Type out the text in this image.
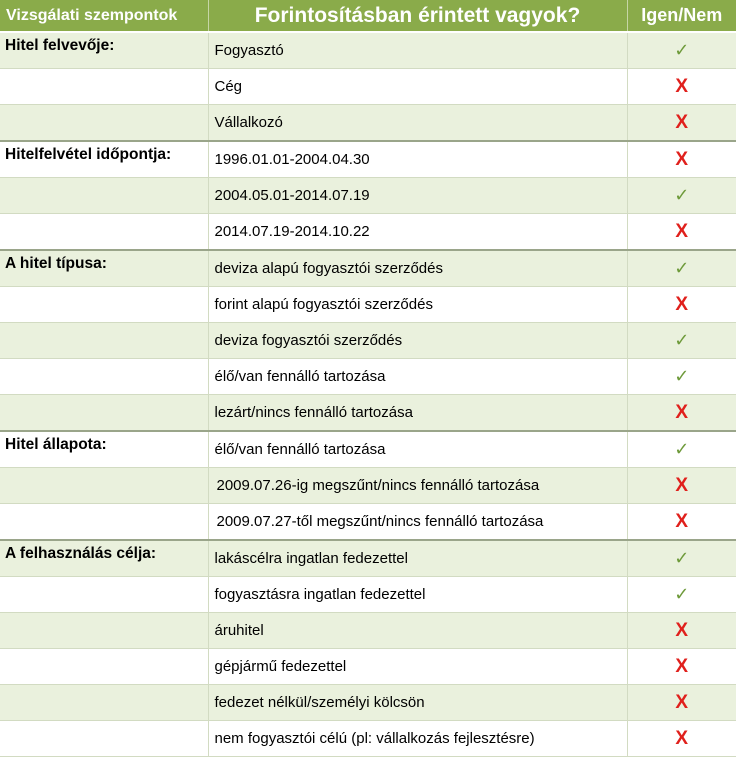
Vizsgálati szempontok	Forintosításban érintett vagyok?	Igen/Nem
Hitel felvevője:	Fogyasztó	✓
	Cég	X
	Vállalkozó	X
Hitelfelvétel időpontja:	1996.01.01-2004.04.30	X
	2004.05.01-2014.07.19	✓
	2014.07.19-2014.10.22	X
A hitel típusa:	deviza alapú fogyasztói szerződés	✓
	forint alapú fogyasztói szerződés	X
	deviza fogyasztói szerződés	✓
	élő/van fennálló tartozása	✓
	lezárt/nincs fennálló tartozása	X
Hitel állapota:	élő/van fennálló tartozása	✓
	2009.07.26-ig megszűnt/nincs fennálló tartozása	X
	2009.07.27-től megszűnt/nincs fennálló tartozása	X
A felhasználás célja:	lakáscélra ingatlan fedezettel	✓
	fogyasztásra ingatlan fedezettel	✓
	áruhitel	X
	gépjármű fedezettel	X
	fedezet nélkül/személyi kölcsön	X
	nem fogyasztói célú (pl: vállalkozás fejlesztésre)	X
